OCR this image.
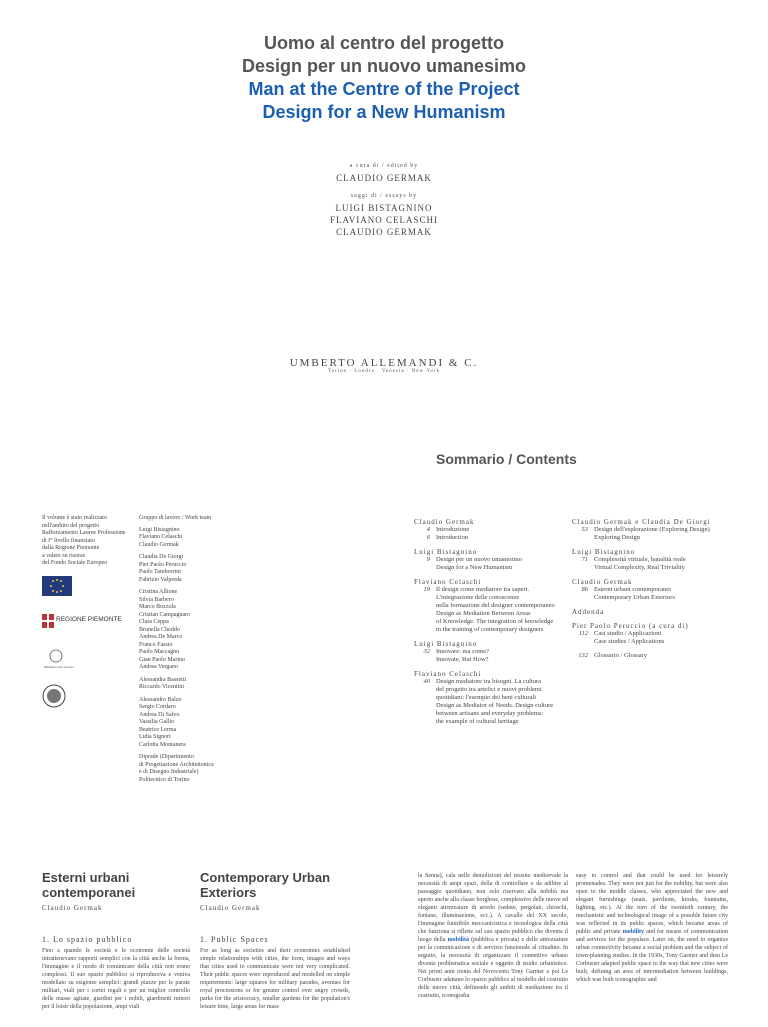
Uomo al centro del progetto
Design per un nuovo umanesimo
Man at the Centre of the Project
Design for a New Humanism
a cura di / edited by
CLAUDIO GERMAK
saggi di / essays by
LUIGI BISTAGNINO
FLAVIANO CELASCHI
CLAUDIO GERMAK
UMBERTO ALLEMANDI & C.
Torino · Londra · Venezia · New York
Sommario / Contents
Il volume è stato realizzato
nell'ambito del progetto
Rafforzamento Lauree Professione
di I° livello finanziato
dalla Regione Piemonte
a valere su risorse
del Fondo Sociale Europeo
REGIONE PIEMONTE
Ministero del Lavoro
Gruppo di lavoro / Work team
Luigi Bistagnino
Flaviano Celaschi
Claudio Germak
Claudia De Giorgi
Pier Paolo Peruccio
Paolo Tamborrini
Fabrizio Valpreda
Cristina Allione
Silvia Barbero
Marco Bozzola
Cristian Campagnaro
Clara Ceppa
Brunella Cheddo
Andrea De Marco
Franco Fassio
Paolo Maccagno
Gian Paolo Marino
Andrea Vergano
Alessandra Bassetti
Riccardo Vicentini
Alessandro Balzo
Sergio Cordaro
Andrea Di Salvo
Vassilia Gallio
Beatrice Lerma
Lidia Signori
Carlotta Montanera
Diprade (Dipartimento
di Progettazione Architettonica
e di Disegno Industriale)
Politecnico di Torino
Claudio Germak
4 Introduzione
6 Introduction
Luigi Bistagnino
9 Design per un nuovo umanesimo
Design for a New Humanism
Flaviano Celaschi
19 Il design come mediatore tra saperi.
L'integrazione delle conoscenze
nella formazione del designer contemporaneo
Design as Mediation Between Areas
of Knowledge. The integration of knowledge
in the training of contemporary designers
Luigi Bistagnino
32 Innovare: ma come?
Innovate, But How?
Flaviano Celaschi
40 Design mediatore tra bisogni. La cultura
del progetto tra artefici e nuovi problemi
quotidiani: l'esempio dei beni culturali
Design as Mediator of Needs. Design culture
between artisans and everyday problems:
the example of cultural heritage
Claudio Germak e Claudia De Giorgi
53 Design dell'esplorazione (Exploring Design)
Exploring Design
Luigi Bistagnino
71 Complessità virtuale, banalità reale
Virtual Complexity, Real Triviality
Claudio Germak
86 Esterni urbani contemporanei
Contemporary Urban Exteriors
Addenda
Pier Paolo Peruccio (a cura di)
112 Casi studio / Applicazioni
Case studies / Applications
132 Glossario / Glossary
Esterni urbani
contemporanei
Claudio Germak
Contemporary Urban
Exteriors
Claudio Germak
1. Lo spazio pubblico
Fino a quando le società e le economie delle società intrattenevano rapporti semplici con la città anche la forma, l'immagine e il modo di comunicare della città non erano complessi. Il suo spazio pubblico si riproduceva e veniva modellato su esigenze semplici: grandi piazze per le parate militari, viali per i cortei regali e per un miglior controllo delle masse agitate, giardini per i nobili, giardinetti minori per il loisir della popolazione, ampi viali
1. Public Spaces
For as long as societies and their economies established simple relationships with cities, the form, images and ways that cities used to communicate were not very complicated. Their public spaces were reproduced and modelled on simple requirements: large squares for military parades, avenues for royal processions or for greater control over angry crowds, parks for the aristocracy, smaller gardens for the population's leisure time, large areas for mass
la Senna), cala nelle demolizioni del tessuto medioevale la necessità di ampi spazi, della di controllare e da adibire al passaggio quotidiano, non solo riservato alla nobiltà ma aperto anche alla classe borghese, complessivo delle nuove ed eleganti attrezzature di arredo (sedute, pergolati, chioschi, fontane, illuminazione, ecc.). A cavallo del XX secolo, l'immagine futuribile meccanicistica e tecnologica della città che funziona si riflette sul suo spazio pubblico che diventa il luogo della mobilità (pubblica e privata) e delle attrezzature per la comunicazione e di servizio funzionale al cittadino. In seguito, la necessità di organizzare il connettivo urbano diventa problematica sociale e oggetto di studio urbanistico. Nei primi anni trenta del Novecento Tony Garnier e poi Le Corbusier adattano lo spazio pubblico al modello del costruito delle nuove città, definendo gli ambiti di mediazione tra il costruito, iconografia
easy to control and that could be used for leisurely promenades. They were not just for the nobility, but were also open to the middle classes, who appreciated the new and elegant furnishings (seats, pavilions, kiosks, fountains, lighting, etc.). At the turn of the twentieth century, the mechanistic and technological image of a possible future city was reflected in its public spaces, which became areas of public and private mobility and for means of communication and services for the populace. Later on, the need to organize urban connectivity became a social problem and the subject of town-planning studies. In the 1930s, Tony Garnier and then Le Corbusier adapted public space to the way that new cities were built, defining an area of intermediation between buildings, which was both iconographic and
